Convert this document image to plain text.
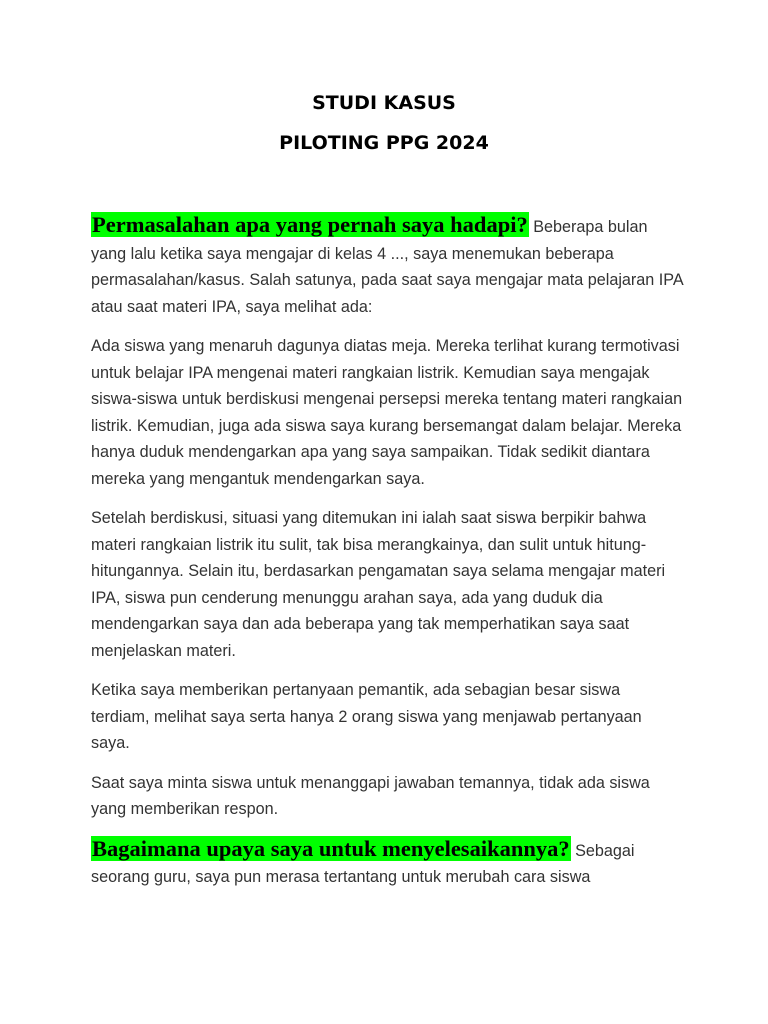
STUDI KASUS
PILOTING PPG 2024

Permasalahan apa yang pernah saya hadapi? Beberapa bulan yang lalu ketika saya mengajar di kelas 4 ..., saya menemukan beberapa permasalahan/kasus. Salah satunya, pada saat saya mengajar mata pelajaran IPA atau saat materi IPA, saya melihat ada:

Ada siswa yang menaruh dagunya diatas meja. Mereka terlihat kurang termotivasi untuk belajar IPA mengenai materi rangkaian listrik. Kemudian saya mengajak siswa-siswa untuk berdiskusi mengenai persepsi mereka tentang materi rangkaian listrik. Kemudian, juga ada siswa saya kurang bersemangat dalam belajar. Mereka hanya duduk mendengarkan apa yang saya sampaikan. Tidak sedikit diantara mereka yang mengantuk mendengarkan saya.

Setelah berdiskusi, situasi yang ditemukan ini ialah saat siswa berpikir bahwa materi rangkaian listrik itu sulit, tak bisa merangkainya, dan sulit untuk hitung-hitungannya. Selain itu, berdasarkan pengamatan saya selama mengajar materi IPA, siswa pun cenderung menunggu arahan saya, ada yang duduk dia mendengarkan saya dan ada beberapa yang tak memperhatikan saya saat menjelaskan materi.

Ketika saya memberikan pertanyaan pemantik, ada sebagian besar siswa terdiam, melihat saya serta hanya 2 orang siswa yang menjawab pertanyaan saya.

Saat saya minta siswa untuk menanggapi jawaban temannya, tidak ada siswa yang memberikan respon.

Bagaimana upaya saya untuk menyelesaikannya? Sebagai seorang guru, saya pun merasa tertantang untuk merubah cara siswa
